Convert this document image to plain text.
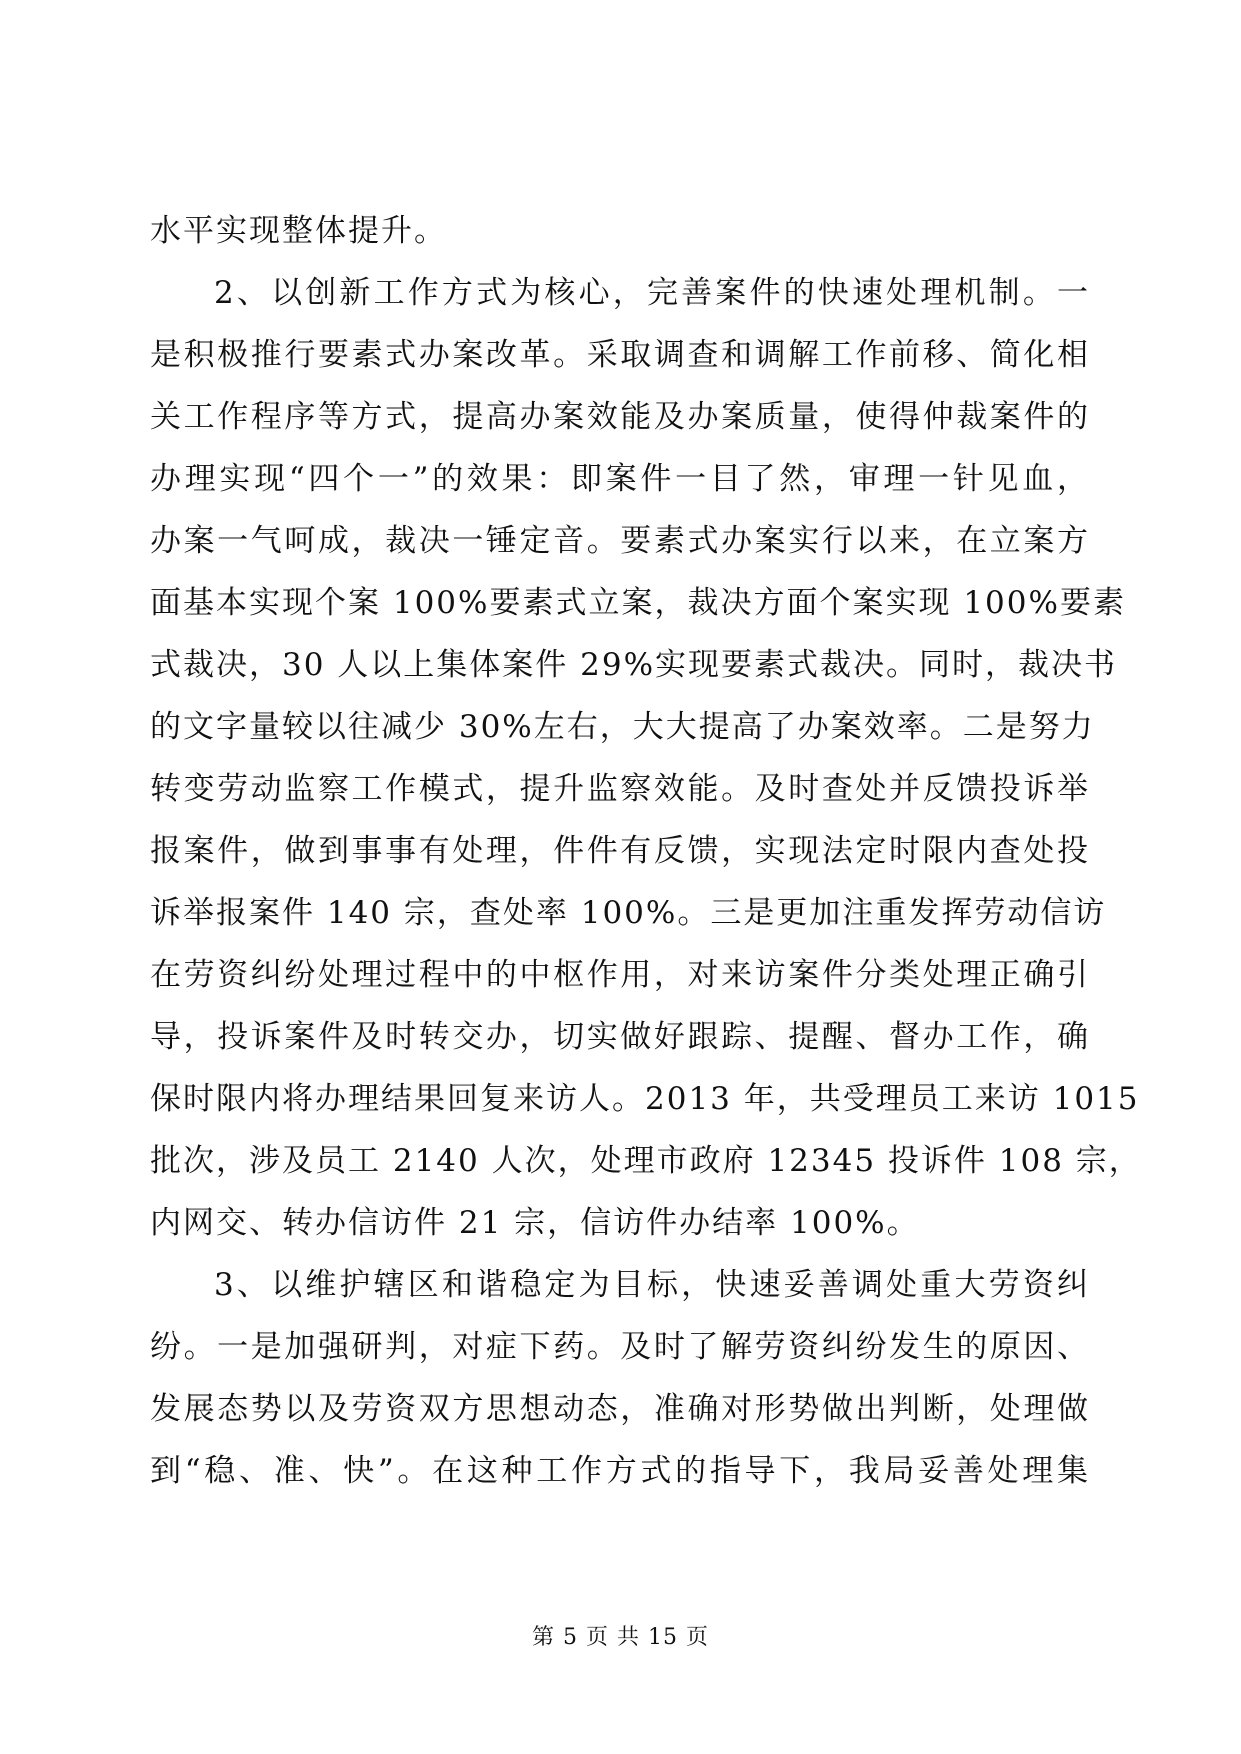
水平实现整体提升。
2、以创新工作方式为核心，完善案件的快速处理机制。一
是积极推行要素式办案改革。采取调查和调解工作前移、简化相
关工作程序等方式，提高办案效能及办案质量，使得仲裁案件的
办理实现“四个一”的效果：即案件一目了然，审理一针见血，
办案一气呵成，裁决一锤定音。要素式办案实行以来，在立案方
面基本实现个案 100%要素式立案，裁决方面个案实现 100%要素
式裁决，30 人以上集体案件 29%实现要素式裁决。同时，裁决书
的文字量较以往减少 30%左右，大大提高了办案效率。二是努力
转变劳动监察工作模式，提升监察效能。及时查处并反馈投诉举
报案件，做到事事有处理，件件有反馈，实现法定时限内查处投
诉举报案件 140 宗，查处率 100%。三是更加注重发挥劳动信访
在劳资纠纷处理过程中的中枢作用，对来访案件分类处理正确引
导，投诉案件及时转交办，切实做好跟踪、提醒、督办工作，确
保时限内将办理结果回复来访人。2013 年，共受理员工来访 1015
批次，涉及员工 2140 人次，处理市政府 12345 投诉件 108 宗，
内网交、转办信访件 21 宗，信访件办结率 100%。
3、以维护辖区和谐稳定为目标，快速妥善调处重大劳资纠
纷。一是加强研判，对症下药。及时了解劳资纠纷发生的原因、
发展态势以及劳资双方思想动态，准确对形势做出判断，处理做
到“稳、准、快”。在这种工作方式的指导下，我局妥善处理集
第 5 页 共 15 页
